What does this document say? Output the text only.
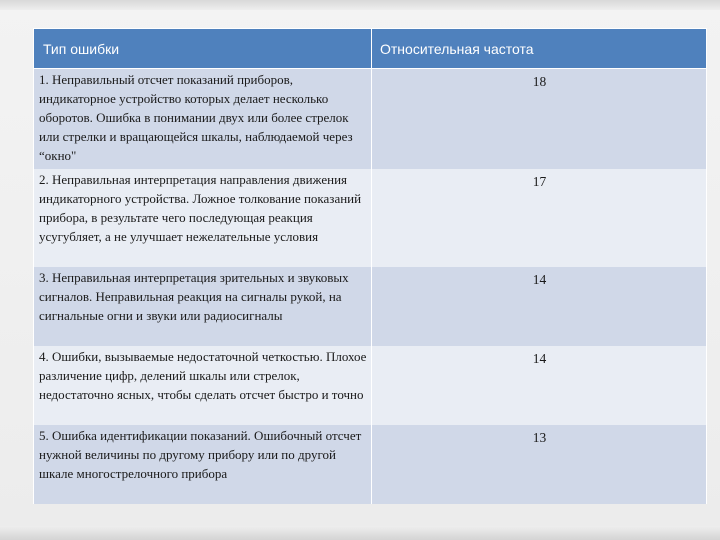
Тип ошибки	Относительная частота
1. Неправильный отсчет показаний приборов, индикаторное устройство которых делает несколько оборотов. Ошибка в понимании двух или более стрелок или стрелки и вращающейся шкалы, наблюдаемой через “окно"	18
2. Неправильная интерпретация направления движения индикаторного устройства. Ложное толкование показаний прибора, в результате чего последующая реакция усугубляет, а не улучшает нежелательные условия	17
3. Неправильная интерпретация зрительных и звуковых сигналов. Неправильная реакция на сигналы рукой, на сигнальные огни и звуки или радиосигналы	14
4. Ошибки, вызываемые недостаточной четкостью. Плохое различение цифр, делений шкалы или стрелок, недостаточно ясных, чтобы сделать отсчет быстро и точно	14
5. Ошибка идентификации показаний. Ошибочный отсчет нужной величины по другому прибору или по другой шкале многострелочного прибора	13
